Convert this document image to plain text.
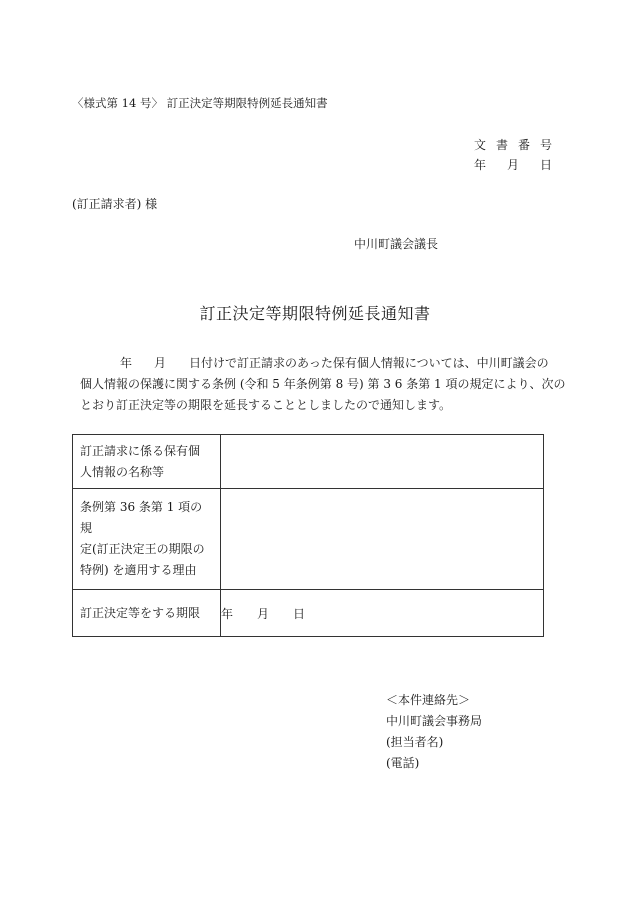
〈様式第 14 号〉 訂正決定等期限特例延長通知書
文 書 番 号
年 月 日
(訂正請求者) 様
中川町議会議長
訂正決定等期限特例延長通知書
年 月 日付けで訂正請求のあった保有個人情報については、中川町議会の
個人情報の保護に関する条例 (令和 5 年条例第 8 号) 第 3 6 条第 1 項の規定により、次の
とおり訂正決定等の期限を延長することとしましたので通知します。
訂正請求に係る保有個
人情報の名称等	

条例第 36 条第 1 項の規
定(訂正決定王の期限の
特例) を適用する理由	

訂正決定等をする期限	年 月 日
＜本件連絡先＞
中川町議会事務局
(担当者名)
(電話)
